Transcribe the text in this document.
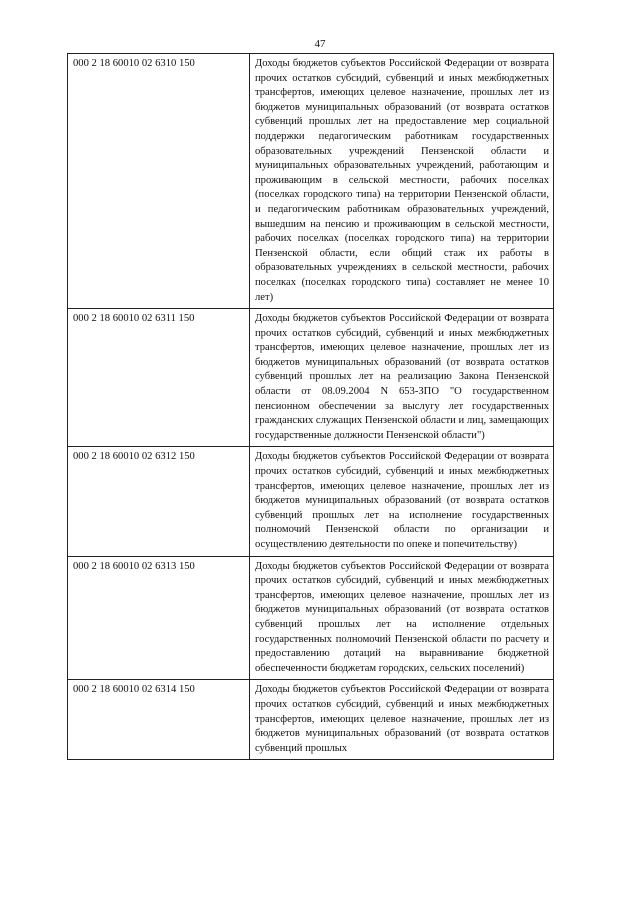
47
000 2 18 60010 02 6310 150	Доходы бюджетов субъектов Российской Федерации от возврата прочих остатков субсидий, субвенций и иных межбюджетных трансфертов, имеющих целевое назначение, прошлых лет из бюджетов муниципальных образований (от возврата остатков субвенций прошлых лет на предоставление мер социальной поддержки педагогическим работникам государственных образовательных учреждений Пензенской области и муниципальных образовательных учреждений, работающим и проживающим в сельской местности, рабочих поселках (поселках городского типа) на территории Пензенской области, и педагогическим работникам образовательных учреждений, вышедшим на пенсию и проживающим в сельской местности, рабочих поселках (поселках городского типа) на территории Пензенской области, если общий стаж их работы в образовательных учреждениях в сельской местности, рабочих поселках (поселках городского типа) составляет не менее 10 лет)
000 2 18 60010 02 6311 150	Доходы бюджетов субъектов Российской Федерации от возврата прочих остатков субсидий, субвенций и иных межбюджетных трансфертов, имеющих целевое назначение, прошлых лет из бюджетов муниципальных образований (от возврата остатков субвенций прошлых лет на реализацию Закона Пензенской области от 08.09.2004 N 653-ЗПО "О государственном пенсионном обеспечении за выслугу лет государственных гражданских служащих Пензенской области и лиц, замещающих государственные должности Пензенской области")
000 2 18 60010 02 6312 150	Доходы бюджетов субъектов Российской Федерации от возврата прочих остатков субсидий, субвенций и иных межбюджетных трансфертов, имеющих целевое назначение, прошлых лет из бюджетов муниципальных образований (от возврата остатков субвенций прошлых лет на исполнение государственных полномочий Пензенской области по организации и осуществлению деятельности по опеке и попечительству)
000 2 18 60010 02 6313 150	Доходы бюджетов субъектов Российской Федерации от возврата прочих остатков субсидий, субвенций и иных межбюджетных трансфертов, имеющих целевое назначение, прошлых лет из бюджетов муниципальных образований (от возврата остатков субвенций прошлых лет на исполнение отдельных государственных полномочий Пензенской области по расчету и предоставлению дотаций на выравнивание бюджетной обеспеченности бюджетам городских, сельских поселений)
000 2 18 60010 02 6314 150	Доходы бюджетов субъектов Российской Федерации от возврата прочих остатков субсидий, субвенций и иных межбюджетных трансфертов, имеющих целевое назначение, прошлых лет из бюджетов муниципальных образований (от возврата остатков субвенций прошлых
